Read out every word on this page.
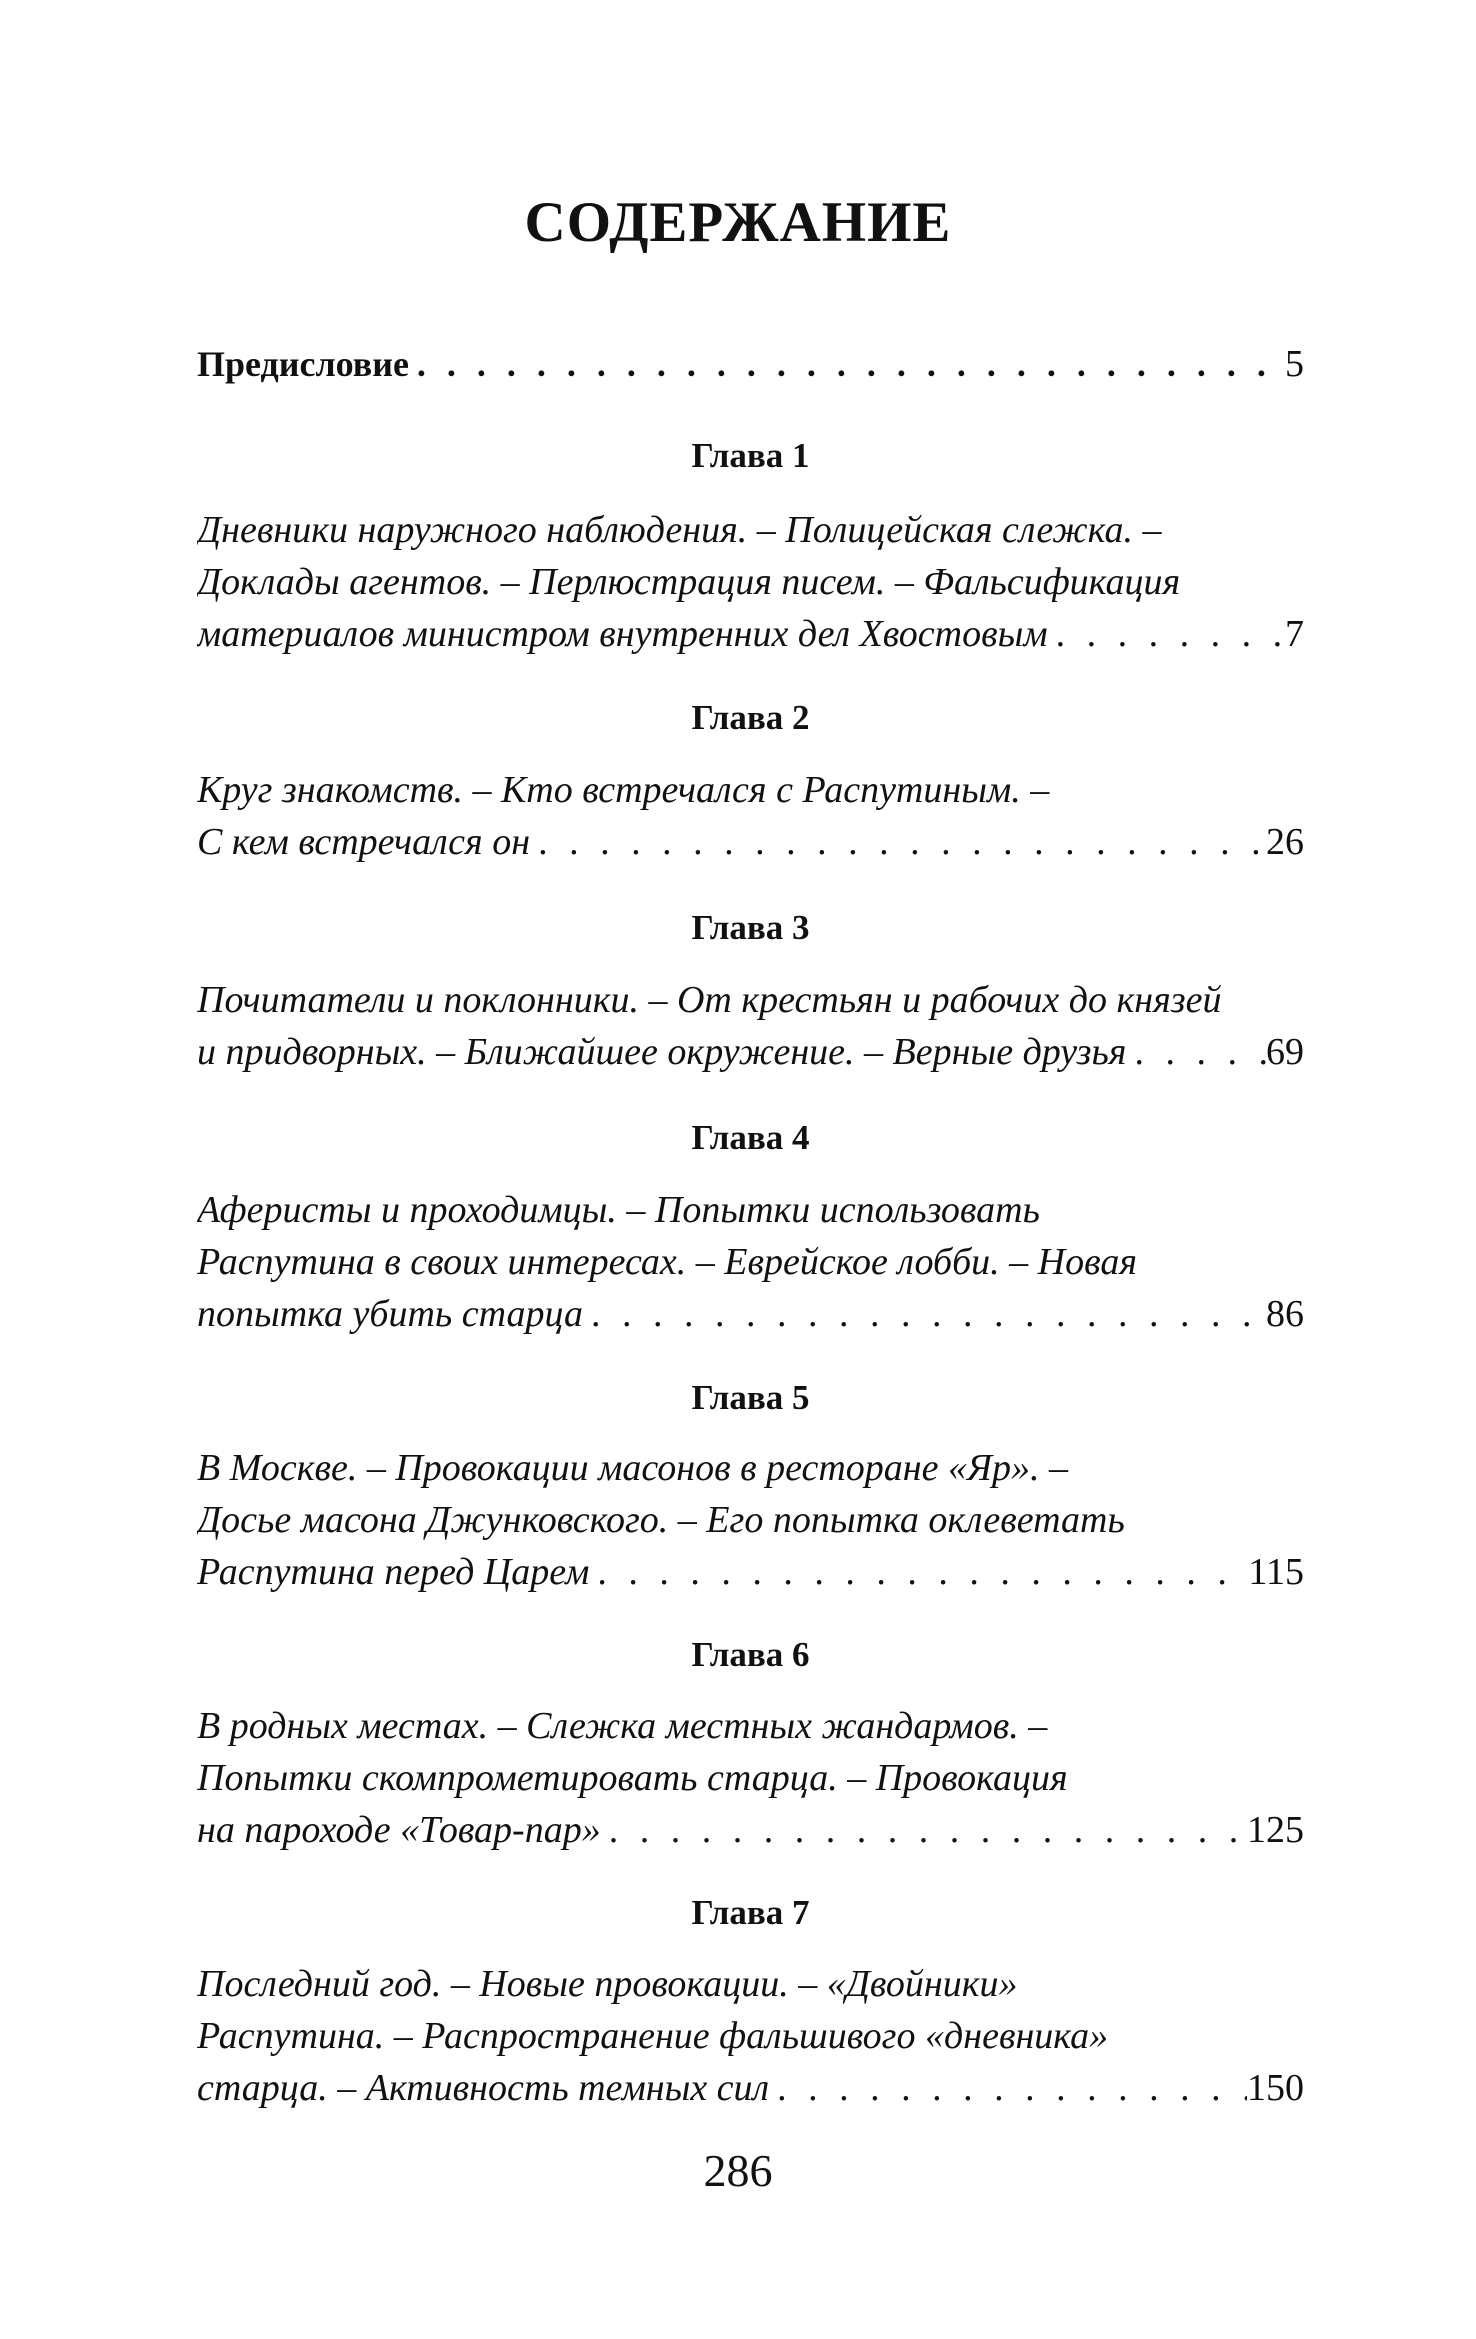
СОДЕРЖАНИЕ
Предисловие . . .	5
Глава 1
Дневники наружного наблюдения. – Полицейская слежка. –
Доклады агентов. – Перлюстрация писем. – Фальсификация
материалов министром внутренних дел Хвостовым . . .	7
Глава 2
Круг знакомств. – Кто встречался с Распутиным. –
С кем встречался он . . .	26
Глава 3
Почитатели и поклонники. – От крестьян и рабочих до князей
и придворных. – Ближайшее окружение. – Верные друзья . . .	69
Глава 4
Аферисты и проходимцы. – Попытки использовать
Распутина в своих интересах. – Еврейское лобби. – Новая
попытка убить старца . . .	86
Глава 5
В Москве. – Провокации масонов в ресторане «Яр». –
Досье масона Джунковского. – Его попытка оклеветать
Распутина перед Царем . . .	115
Глава 6
В родных местах. – Слежка местных жандармов. –
Попытки скомпрометировать старца. – Провокация
на пароходе «Товар-пар» . . .	125
Глава 7
Последний год. – Новые провокации. – «Двойники»
Распутина. – Распространение фальшивого «дневника»
старца. – Активность темных сил . . .	150
286
